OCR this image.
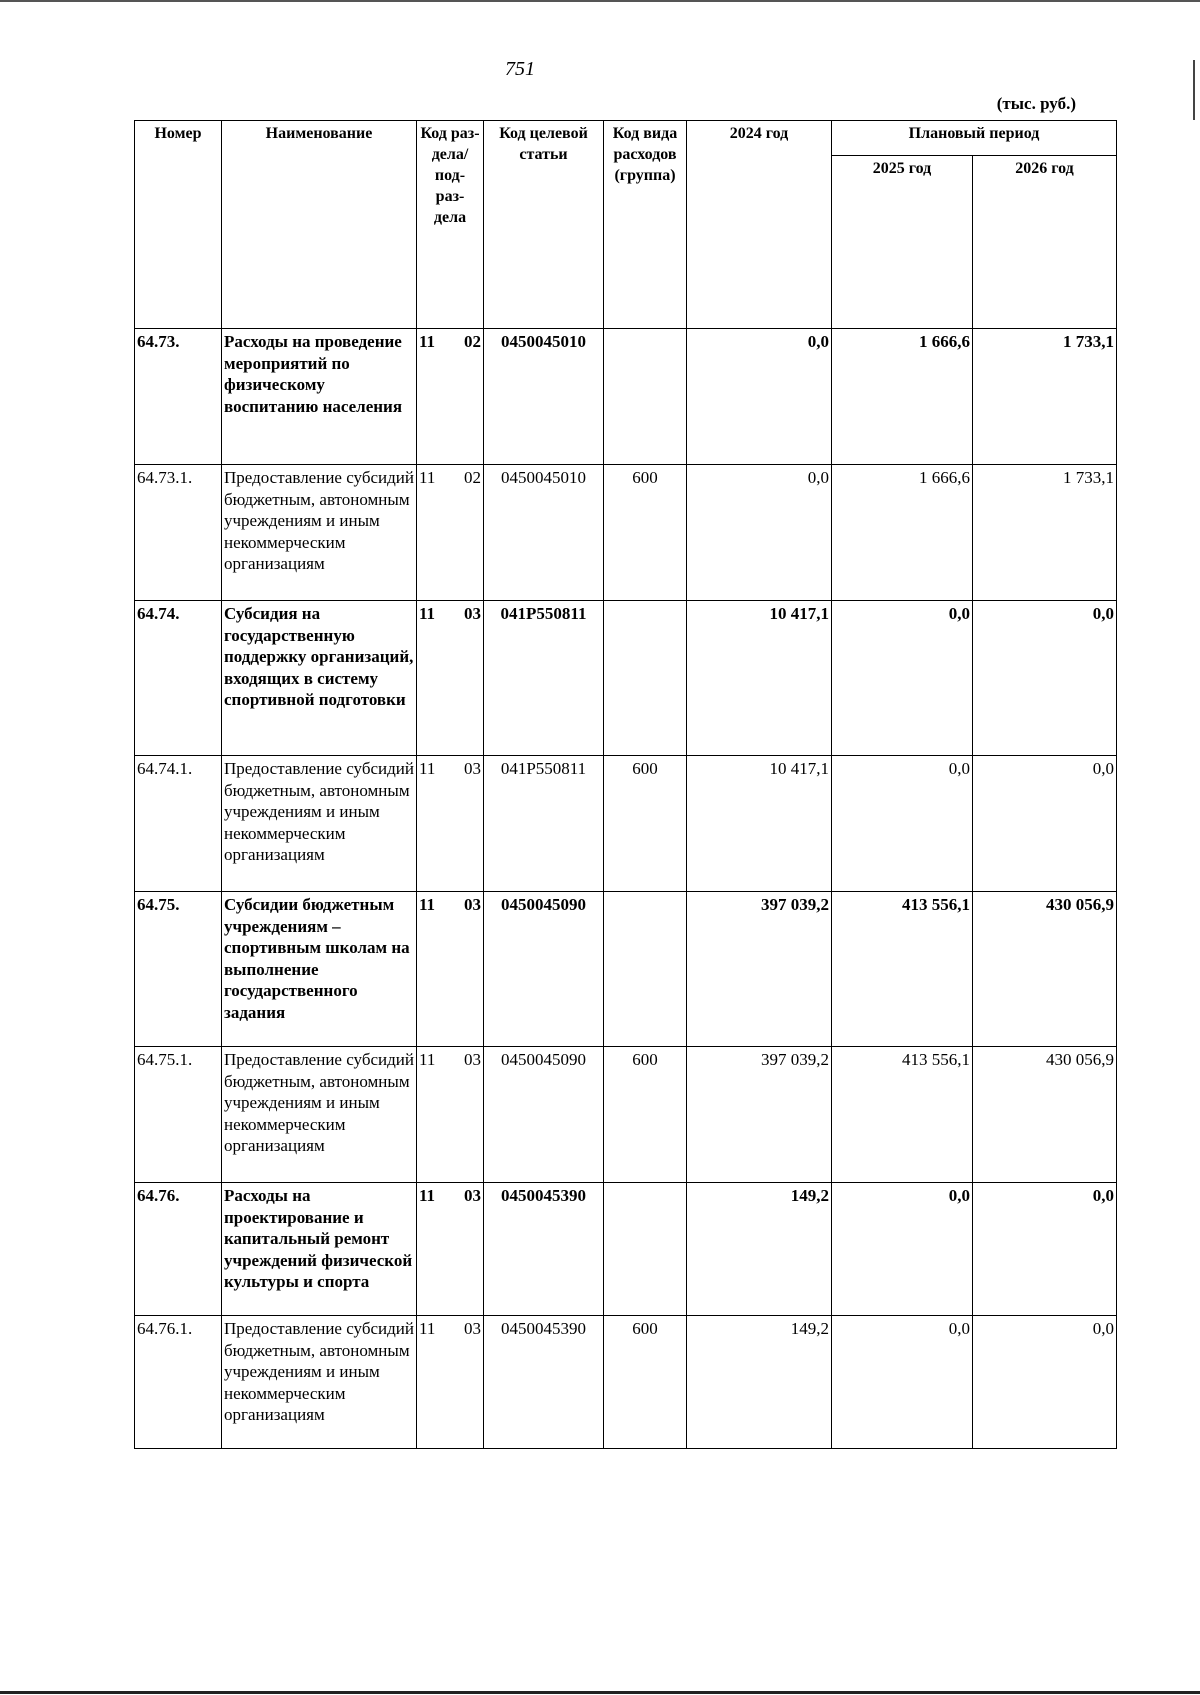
751
(тыс. руб.)
Номер	Наименование	Код раз- дела/ под- раз- дела	Код целевой статьи	Код вида расходов (группа)	2024 год	Плановый период	
						2025 год	2026 год
64.73.	Расходы на проведение мероприятий по физическому воспитанию населения	11 02	0450045010		0,0	1 666,6	1 733,1
64.73.1.	Предоставление субсидий бюджетным, автономным учреждениям и иным некоммерческим организациям	11 02	0450045010	600	0,0	1 666,6	1 733,1
64.74.	Субсидия на государственную поддержку организаций, входящих в систему спортивной подготовки	11 03	041P550811		10 417,1	0,0	0,0
64.74.1.	Предоставление субсидий бюджетным, автономным учреждениям и иным некоммерческим организациям	11 03	041P550811	600	10 417,1	0,0	0,0
64.75.	Субсидии бюджетным учреждениям – спортивным школам на выполнение государственного задания	11 03	0450045090		397 039,2	413 556,1	430 056,9
64.75.1.	Предоставление субсидий бюджетным, автономным учреждениям и иным некоммерческим организациям	11 03	0450045090	600	397 039,2	413 556,1	430 056,9
64.76.	Расходы на проектирование и капитальный ремонт учреждений физической культуры и спорта	11 03	0450045390		149,2	0,0	0,0
64.76.1.	Предоставление субсидий бюджетным, автономным учреждениям и иным некоммерческим организациям	11 03	0450045390	600	149,2	0,0	0,0
